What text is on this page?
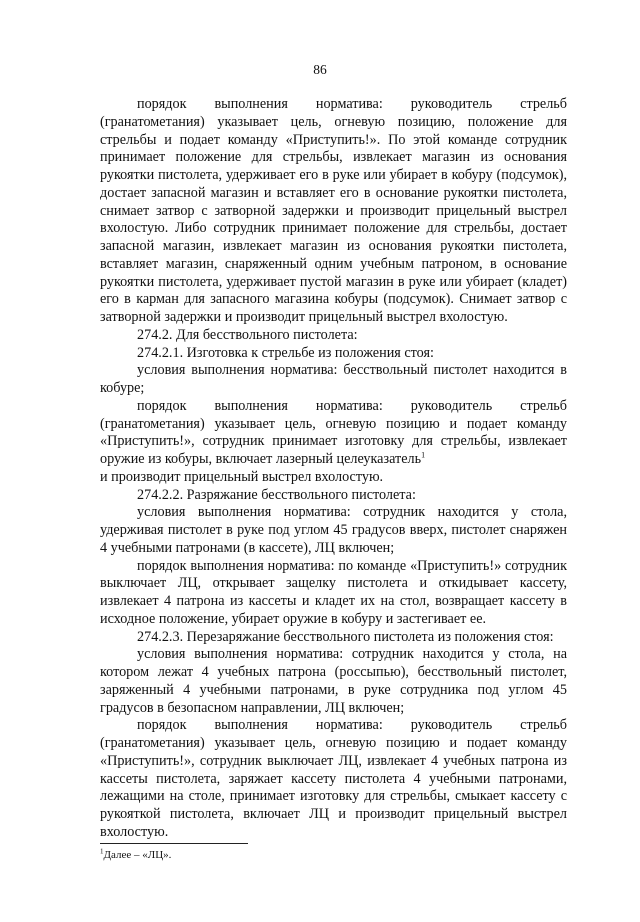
86

порядок выполнения норматива: руководитель стрельб (гранатометания) указывает цель, огневую позицию, положение для стрельбы и подает команду «Приступить!». По этой команде сотрудник принимает положение для стрельбы, извлекает магазин из основания рукоятки пистолета, удерживает его в руке или убирает в кобуру (подсумок), достает запасной магазин и вставляет его в основание рукоятки пистолета, снимает затвор с затворной задержки и производит прицельный выстрел вхолостую. Либо сотрудник принимает положение для стрельбы, достает запасной магазин, извлекает магазин из основания рукоятки пистолета, вставляет магазин, снаряженный одним учебным патроном, в основание рукоятки пистолета, удерживает пустой магазин в руке или убирает (кладет) его в карман для запасного магазина кобуры (подсумок). Снимает затвор с затворной задержки и производит прицельный выстрел вхолостую.

274.2. Для бесствольного пистолета:

274.2.1. Изготовка к стрельбе из положения стоя:

условия выполнения норматива: бесствольный пистолет находится в кобуре;

порядок выполнения норматива: руководитель стрельб (гранатометания) указывает цель, огневую позицию и подает команду «Приступить!», сотрудник принимает изготовку для стрельбы, извлекает оружие из кобуры, включает лазерный целеуказатель$^1$

и производит прицельный выстрел вхолостую.

274.2.2. Разряжание бесствольного пистолета:

условия выполнения норматива: сотрудник находится у стола, удерживая пистолет в руке под углом 45 градусов вверх, пистолет снаряжен 4 учебными патронами (в кассете), ЛЦ включен;

порядок выполнения норматива: по команде «Приступить!» сотрудник выключает ЛЦ, открывает защелку пистолета и откидывает кассету, извлекает 4 патрона из кассеты и кладет их на стол, возвращает кассету в исходное положение, убирает оружие в кобуру и застегивает ее.

274.2.3. Перезаряжание бесствольного пистолета из положения стоя:

условия выполнения норматива: сотрудник находится у стола, на котором лежат 4 учебных патрона (россыпью), бесствольный пистолет, заряженный 4 учебными патронами, в руке сотрудника под углом 45 градусов в безопасном направлении, ЛЦ включен;

порядок выполнения норматива: руководитель стрельб (гранатометания) указывает цель, огневую позицию и подает команду «Приступить!», сотрудник выключает ЛЦ, извлекает 4 учебных патрона из кассеты пистолета, заряжает кассету пистолета 4 учебными патронами, лежащими на столе, принимает изготовку для стрельбы, смыкает кассету с рукояткой пистолета, включает ЛЦ и производит прицельный выстрел вхолостую.

$^1$Далее – «ЛЦ».
